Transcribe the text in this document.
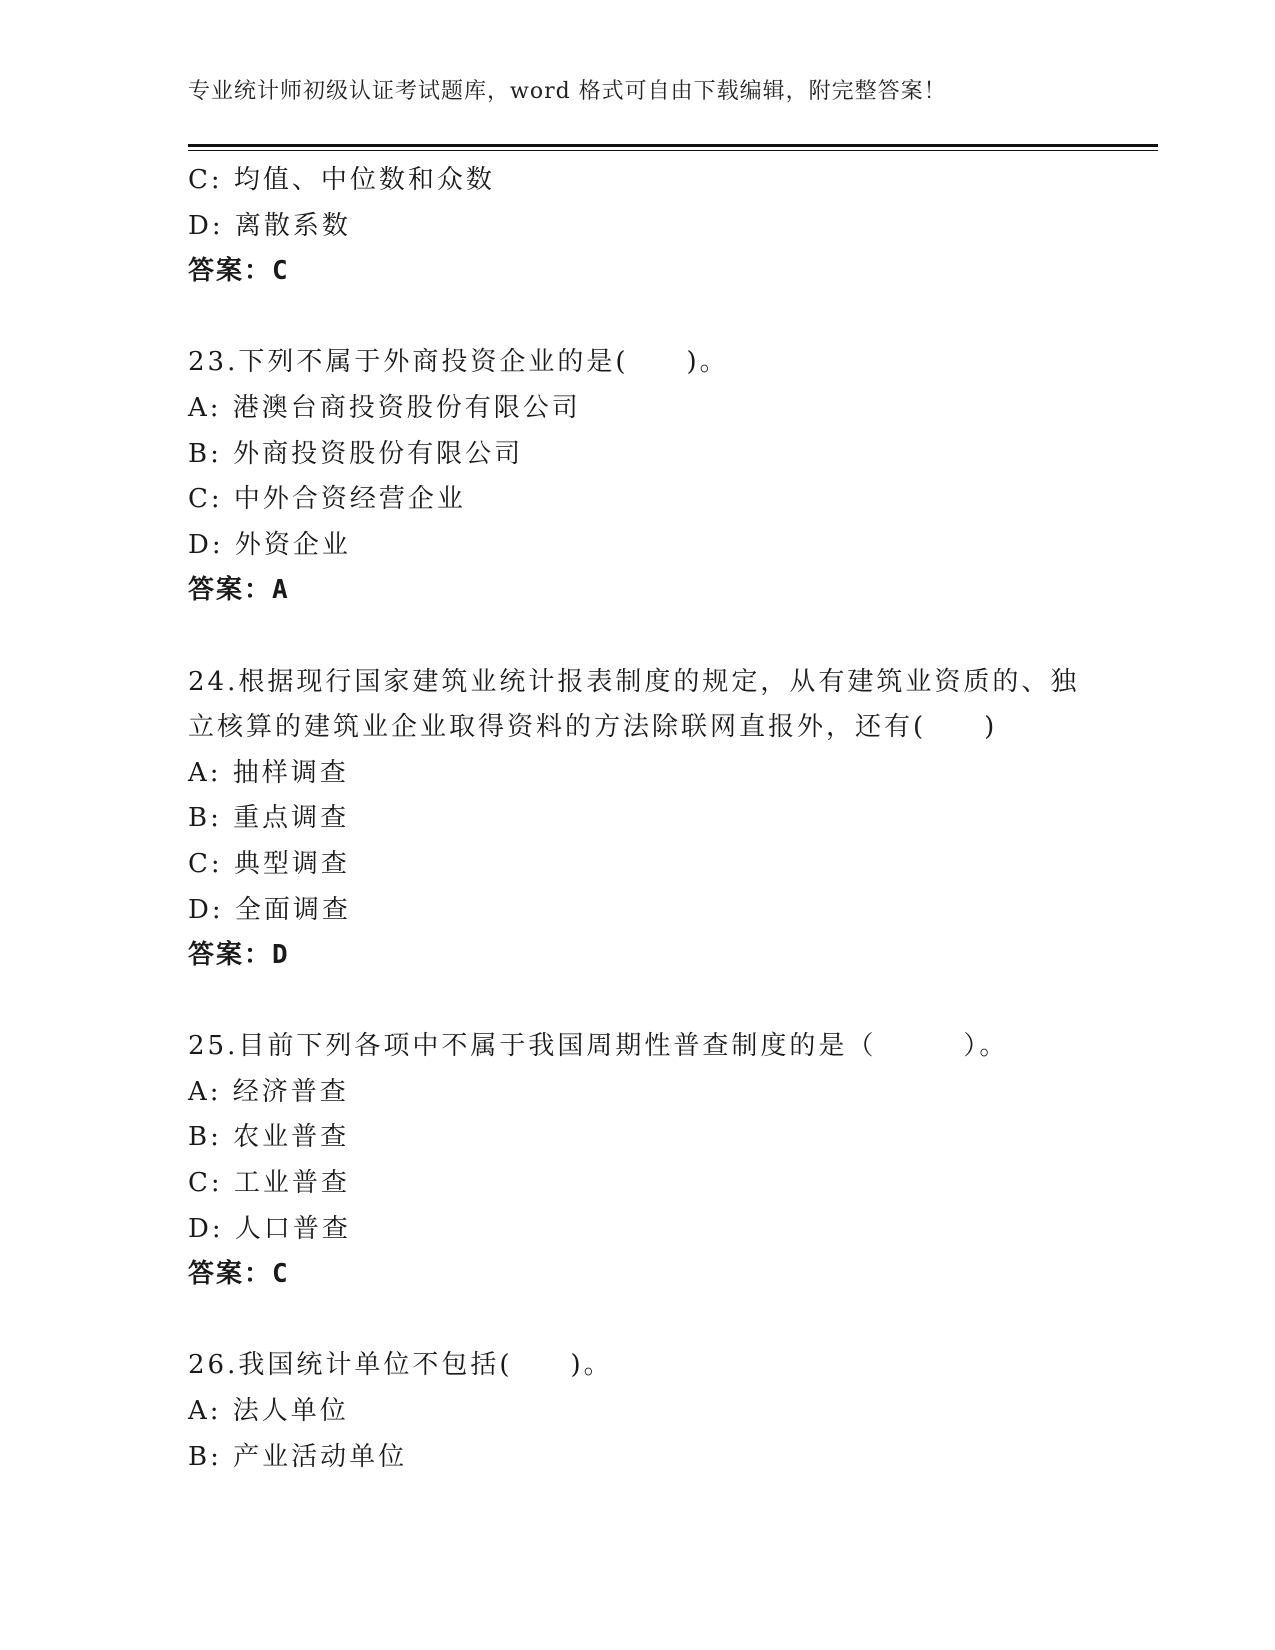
专业统计师初级认证考试题库，word 格式可自由下载编辑，附完整答案！
C: 均值、中位数和众数
D: 离散系数
答案：C
23.下列不属于外商投资企业的是(　　)。
A: 港澳台商投资股份有限公司
B: 外商投资股份有限公司
C: 中外合资经营企业
D: 外资企业
答案：A
24.根据现行国家建筑业统计报表制度的规定，从有建筑业资质的、独
立核算的建筑业企业取得资料的方法除联网直报外，还有(　　)
A: 抽样调查
B: 重点调查
C: 典型调查
D: 全面调查
答案：D
25.目前下列各项中不属于我国周期性普查制度的是（　　　）。
A: 经济普查
B: 农业普查
C: 工业普查
D: 人口普查
答案：C
26.我国统计单位不包括(　　)。
A: 法人单位
B: 产业活动单位
